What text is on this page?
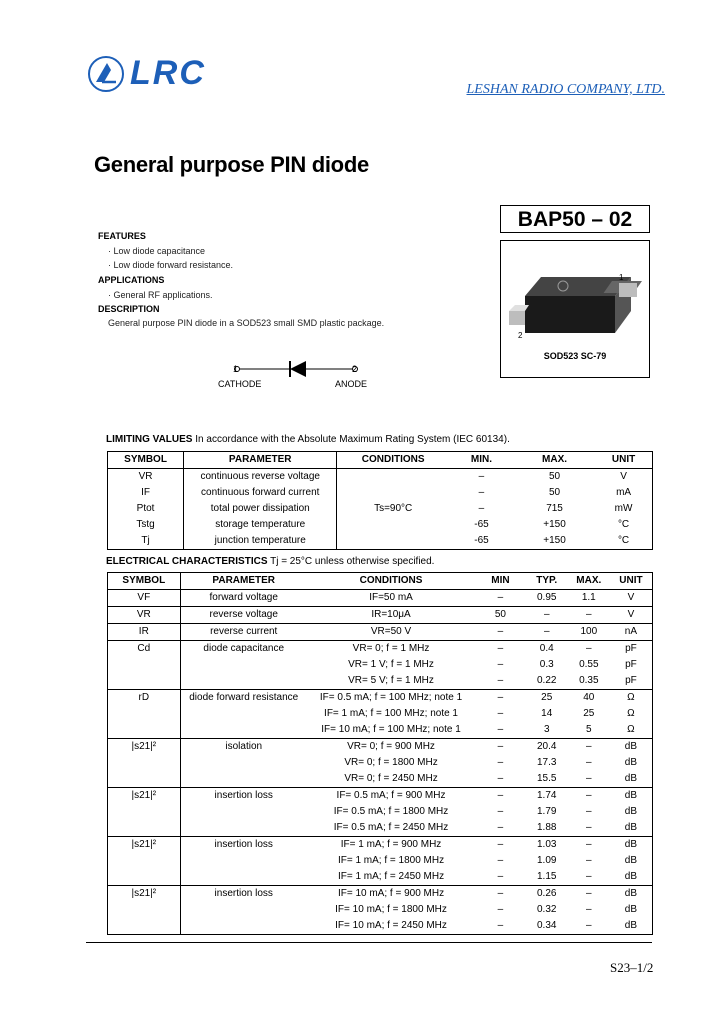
LRC	LESHAN RADIO COMPANY, LTD.
General purpose PIN diode
BAP50 – 02
1
2
SOD523 SC-79
FEATURES
· Low diode capacitance
· Low diode forward resistance.
APPLICATIONS
· General RF applications.
DESCRIPTION
General purpose PIN diode in a SOD523 small SMD plastic package.
1	2
CATHODE	ANODE
LIMITING VALUES In accordance with the Absolute Maximum Rating System (IEC 60134).
SYMBOL	PARAMETER	CONDITIONS	MIN.	MAX.	UNIT
VR	continuous reverse voltage		–	50	V
IF	continuous forward current		–	50	mA
Ptot	total power dissipation	Ts=90°C	–	715	mW
Tstg	storage temperature		-65	+150	°C
Tj	junction temperature		-65	+150	°C
ELECTRICAL CHARACTERISTICS Tj = 25°C unless otherwise specified.
SYMBOL	PARAMETER	CONDITIONS	MIN	TYP.	MAX.	UNIT
VF	forward voltage	IF=50 mA	–	0.95	1.1	V
VR	reverse voltage	IR=10μA	50	–	–	V
IR	reverse current	VR=50 V	–	–	100	nA
Cd	diode capacitance	VR= 0; f = 1 MHz	–	0.4	–	pF
		VR= 1 V; f = 1 MHz	–	0.3	0.55	pF
		VR= 5 V; f = 1 MHz	–	0.22	0.35	pF
rD	diode forward resistance	IF= 0.5 mA; f = 100 MHz; note 1	–	25	40	Ω
		IF= 1 mA; f = 100 MHz; note 1	–	14	25	Ω
		IF= 10 mA; f = 100 MHz; note 1	–	3	5	Ω
|s21|²	isolation	VR= 0; f = 900 MHz	–	20.4	–	dB
		VR= 0; f = 1800 MHz	–	17.3	–	dB
		VR= 0; f = 2450 MHz	–	15.5	–	dB
|s21|²	insertion loss	IF= 0.5 mA; f = 900 MHz	–	1.74	–	dB
		IF= 0.5 mA; f = 1800 MHz	–	1.79	–	dB
		IF= 0.5 mA; f = 2450 MHz	–	1.88	–	dB
|s21|²	insertion loss	IF= 1 mA; f = 900 MHz	–	1.03	–	dB
		IF= 1 mA; f = 1800 MHz	–	1.09	–	dB
		IF= 1 mA; f = 2450 MHz	–	1.15	–	dB
|s21|²	insertion loss	IF= 10 mA; f = 900 MHz	–	0.26	–	dB
		IF= 10 mA; f = 1800 MHz	–	0.32	–	dB
		IF= 10 mA; f = 2450 MHz	–	0.34	–	dB
S23–1/2
